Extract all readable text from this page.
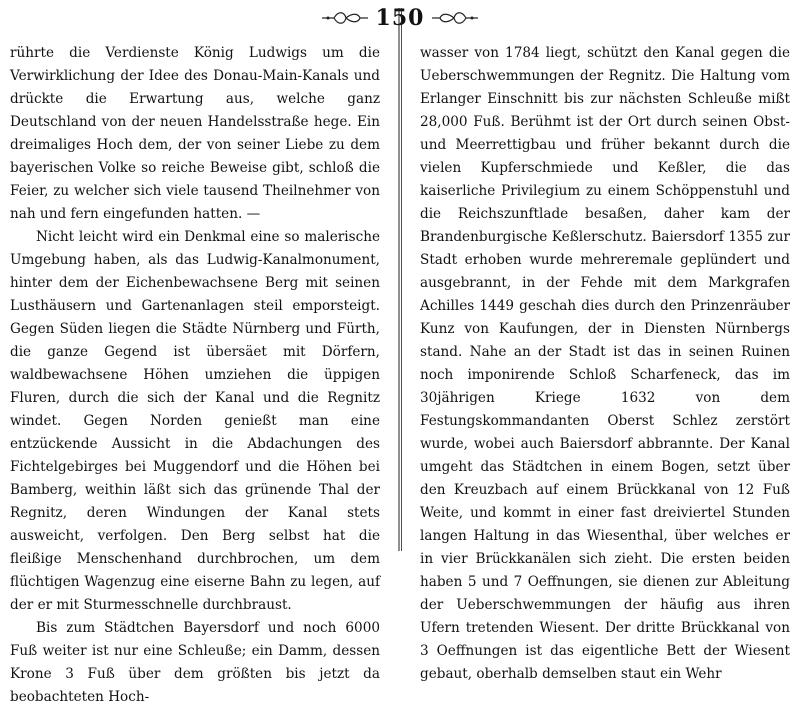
150

rührte die Verdienste König Ludwigs um die Verwirklichung der Idee des Donau-Main-Kanals und drückte die Erwartung aus, welche ganz Deutschland von der neuen Handelsstraße hege. Ein dreimaliges Hoch dem, der von seiner Liebe zu dem bayerischen Volke so reiche Beweise gibt, schloß die Feier, zu welcher sich viele tausend Theilnehmer von nah und fern eingefunden hatten. —

Nicht leicht wird ein Denkmal eine so malerische Umgebung haben, als das Ludwig-Kanalmonument, hinter dem der Eichenbewachsene Berg mit seinen Lusthäusern und Gartenanlagen steil emporsteigt. Gegen Süden liegen die Städte Nürnberg und Fürth, die ganze Gegend ist übersäet mit Dörfern, waldbewachsene Höhen umziehen die üppigen Fluren, durch die sich der Kanal und die Regnitz windet. Gegen Norden genießt man eine entzückende Aussicht in die Abdachungen des Fichtelgebirges bei Muggendorf und die Höhen bei Bamberg, weithin läßt sich das grünende Thal der Regnitz, deren Windungen der Kanal stets ausweicht, verfolgen. Den Berg selbst hat die fleißige Menschenhand durchbrochen, um dem flüchtigen Wagenzug eine eiserne Bahn zu legen, auf der er mit Sturmesschnelle durchbraust.

Bis zum Städtchen Bayersdorf und noch 6000 Fuß weiter ist nur eine Schleuße; ein Damm, dessen Krone 3 Fuß über dem größten bis jetzt da beobachteten Hoch-

wasser von 1784 liegt, schützt den Kanal gegen die Ueberschwemmungen der Regnitz. Die Haltung vom Erlanger Einschnitt bis zur nächsten Schleuße mißt 28,000 Fuß. Berühmt ist der Ort durch seinen Obst- und Meerrettigbau und früher bekannt durch die vielen Kupferschmiede und Keßler, die das kaiserliche Privilegium zu einem Schöppenstuhl und die Reichszunftlade besaßen, daher kam der Brandenburgische Keßlerschutz. Baiersdorf 1355 zur Stadt erhoben wurde mehreremale geplündert und ausgebrannt, in der Fehde mit dem Markgrafen Achilles 1449 geschah dies durch den Prinzenräuber Kunz von Kaufungen, der in Diensten Nürnbergs stand. Nahe an der Stadt ist das in seinen Ruinen noch imponirende Schloß Scharfeneck, das im 30jährigen Kriege 1632 von dem Festungskommandanten Oberst Schlez zerstört wurde, wobei auch Baiersdorf abbrannte. Der Kanal umgeht das Städtchen in einem Bogen, setzt über den Kreuzbach auf einem Brückkanal von 12 Fuß Weite, und kommt in einer fast dreiviertel Stunden langen Haltung in das Wiesenthal, über welches er in vier Brückkanälen sich zieht. Die ersten beiden haben 5 und 7 Oeffnungen, sie dienen zur Ableitung der Ueberschwemmungen der häufig aus ihren Ufern tretenden Wiesent. Der dritte Brückkanal von 3 Oeffnungen ist das eigentliche Bett der Wiesent gebaut, oberhalb demselben staut ein Wehr
